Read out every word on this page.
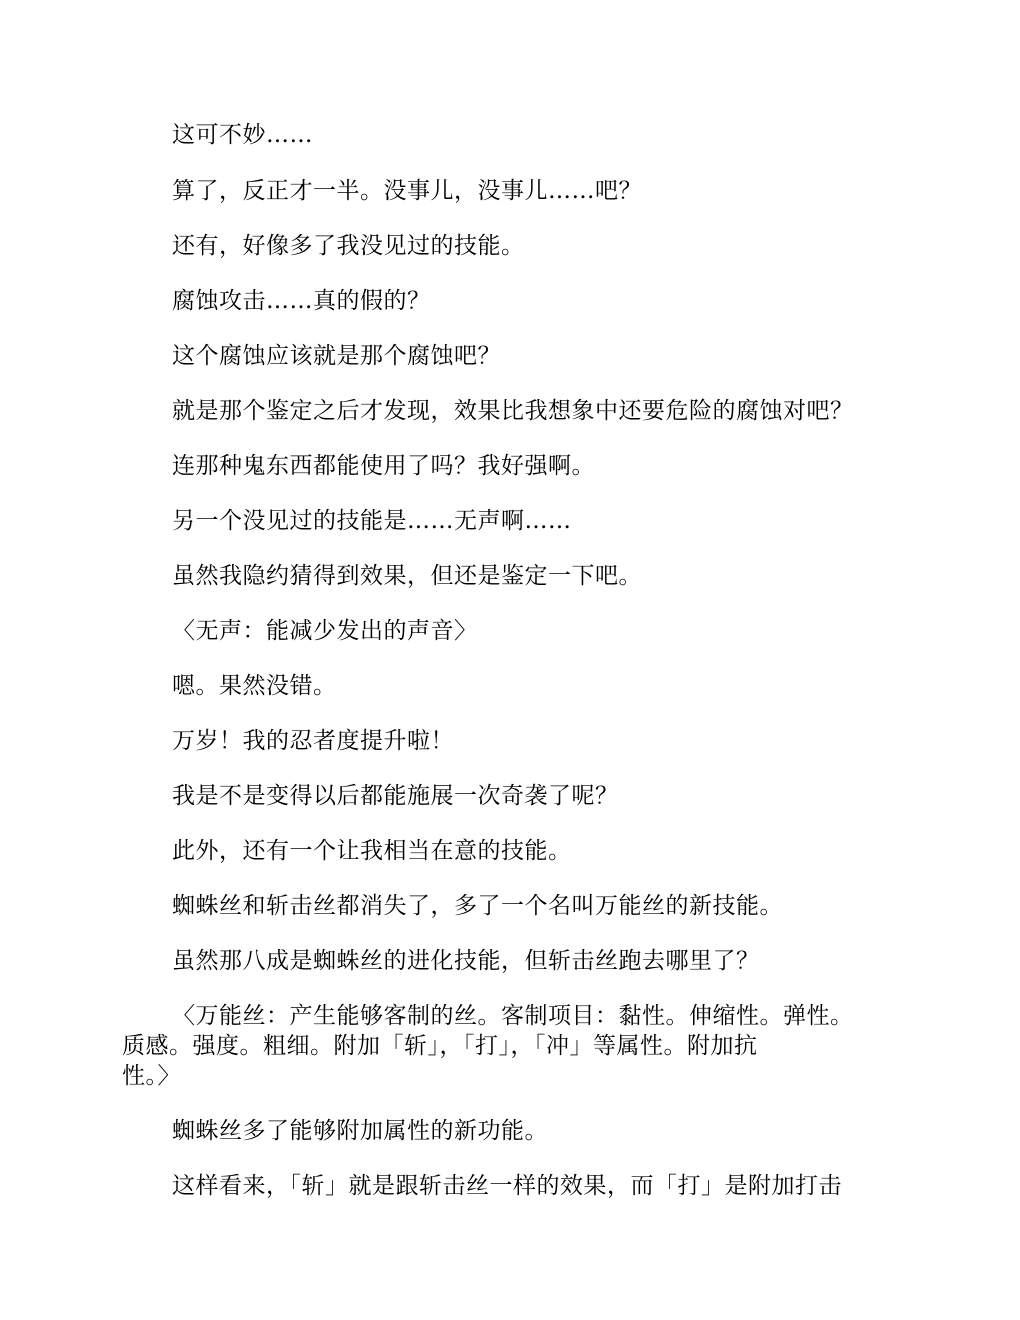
这可不妙……
算了，反正才一半。没事儿，没事儿……吧？
还有，好像多了我没见过的技能。
腐蚀攻击……真的假的？
这个腐蚀应该就是那个腐蚀吧？
就是那个鉴定之后才发现，效果比我想象中还要危险的腐蚀对吧？
连那种鬼东西都能使用了吗？我好强啊。
另一个没见过的技能是……无声啊……
虽然我隐约猜得到效果，但还是鉴定一下吧。
〈无声：能减少发出的声音〉
嗯。果然没错。
万岁！我的忍者度提升啦！
我是不是变得以后都能施展一次奇袭了呢？
此外，还有一个让我相当在意的技能。
蜘蛛丝和斩击丝都消失了，多了一个名叫万能丝的新技能。
虽然那八成是蜘蛛丝的进化技能，但斩击丝跑去哪里了？
〈万能丝：产生能够客制的丝。客制项目：黏性。伸缩性。弹性。
质感。强度。粗细。附加「斩」，「打」，「冲」等属性。附加抗
性。〉
蜘蛛丝多了能够附加属性的新功能。
这样看来，「斩」就是跟斩击丝一样的效果，而「打」是附加打击
